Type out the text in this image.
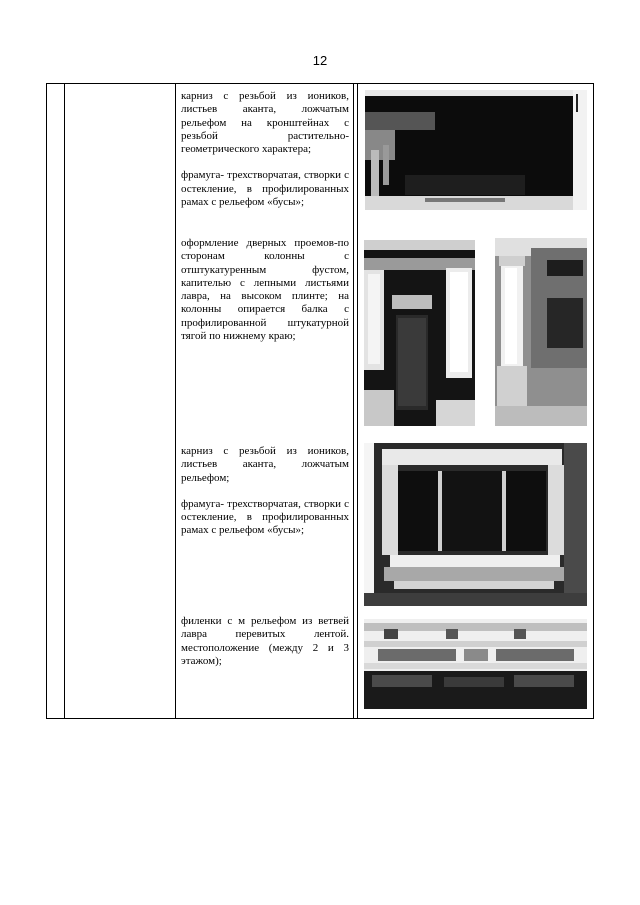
12

карниз с резьбой из иоников, листьев аканта, ложчатым рельефом на кронштейнах с резьбой растительно-геометрического характера;

фрамуга- трехстворчатая, створки с остекление, в профилированных рамах с рельефом «бусы»;

оформление дверных проемов-по сторонам колонны с отштукатуренным фустом, капителью с лепными листьями лавра, на высоком плинте; на колонны опирается балка с профилированной штукатурной тягой по нижнему краю;

карниз с резьбой из иоников, листьев аканта, ложчатым рельефом;

фрамуга- трехстворчатая, створки с остекление, в профилированных рамах с рельефом «бусы»;

филенки с м рельефом из ветвей лавра перевитых лентой. местоположение (между 2 и 3 этажом);
